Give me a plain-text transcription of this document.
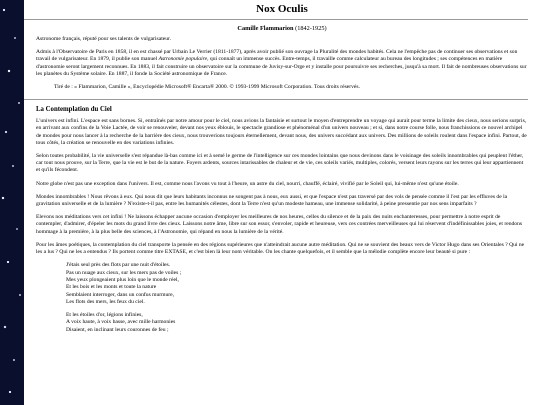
Nox Oculis
Camille Flammarion (1842-1925)

Astronome français, réputé pour ses talents de vulgarisateur.

Admis à l'Observatoire de Paris en 1858, il en est chassé par Urbain Le Verrier (1811-1877), après avoir publié son ouvrage la Pluralité des mondes habités. Cela ne l'empêche pas de continuer ses observations et son travail de vulgarisateur. En 1879, il publie son manuel Astronomie populaire, qui connaît un immense succès. Entre-temps, il travaille comme calculateur au bureau des longitudes ; ses compétences en matière d'astronomie seront largement reconnues. En 1883, il fait construire un observatoire sur la commune de Juvisy-sur-Orge et y installe pour poursuivre ses recherches, jusqu'à sa mort. Il fait de nombreuses observations sur les planètes du Système solaire. En 1887, il fonde la Société astronomique de France.

Tiré de : « Flammarion, Camille », Encyclopédie Microsoft® Encarta® 2000. © 1993-1999 Microsoft Corporation. Tous droits réservés.

La Contemplation du Ciel

L'univers est infini. L'espace est sans bornes. Si, entraînés par notre amour pour le ciel, nous avions la fantaisie et surtout le moyen d'entreprendre un voyage qui aurait pour terme la limite des cieux, nous serions surpris, en arrivant aux confins de la Voie Lactée, de voir se renouveler, devant nos yeux éblouis, le spectacle grandiose et phénoménal d'un univers nouveau ; et si, dans notre course folle, nous franchissions ce nouvel archipel de mondes pour nous lancer à la recherche de la barrière des cieux, nous trouverions toujours éternellement, devant nous, des univers succédant aux univers. Des millions de soleils roulent dans l'espace infini. Partout, de tous côtés, la création se renouvelle en des variations infinies.

Selon toutes probabilité, la vie universelle s'est répandue là-bas comme ici et à semé le germe de l'intelligence sur ces mondes lointains que nous devinons dans le voisinage des soleils innombrables qui peuplent l'éther, car tout nous prouve, sur la Terre, que la vie est le but de la nature. Foyers ardents, sources intarissables de chaleur et de vie, ces soleils variés, multiples, colorés, versent leurs rayons sur les terres qui leur appartiennent et qu'ils fécondent.

Notre globe n'est pas une exception dans l'univers. Il est, comme nous l'avons vu tout à l'heure, un astre du ciel, nourri, chauffé, éclairé, vivifié par le Soleil qui, lui-même n'est qu'une étoile.

Mondes innombrables ! Nous rêvons à eux. Qui nous dit que leurs habitants inconnus ne songent pas à nous, eux aussi, et que l'espace n'est pas traversé par des vols de pensée comme il l'est par les effluves de la gravitation universelle et de la lumière ? N'existe-t-il pas, entre les humanités célestes, dont la Terre n'est qu'un modeste hameau, une immense solidarité, à peine pressentie par nos sens imparfaits ?

Elevons nos méditations vers cet infini ! Ne laissons échapper aucune occasion d'employer les meilleures de nos heures, celles du silence et de la paix des nuits enchanteresses, pour permettre à notre esprit de contempler, d'admirer, d'épeler les mots du grand livre des cieux. Laissons notre âme, libre sur son essor, s'envoler, rapide et heureuse, vers ces contrées merveilleuses qui lui réservent d'indéfinissables joies, et rendons hommage à la première, à la plus belle des sciences, à l'Astronomie, qui répand en nous la lumière de la vérité.

Pour les âmes poétiques, la contemplation du ciel transporte la pensée en des régions supérieures que n'atteindrait aucune autre méditation. Qui ne se souvient des beaux vers de Victor Hugo dans ses Orientales ? Qui ne les a lus ? Qui ne les a entendus ? Ils portent comme titre EXTASE, et c'est bien là leur nom véritable. On les chante quelquefois, et il semble que la mélodie complète encore leur beauté si pure :

J'étais seul près des flots par une nuit d'étoiles.
Pas un nuage aux cieux, sur les mers pas de voiles ;
Mes yeux plongeaient plus loin que le monde réel,
Et les bois et les monts et toute la nature
Semblaient interroger, dans un confus murmure,
Les flots des mers, les feux du ciel.
Et les étoiles d'or, légions infinies,
A voix haute, à voix basse, avec mille harmonies
Disaient, en inclinant leurs couronnes de feu ;
